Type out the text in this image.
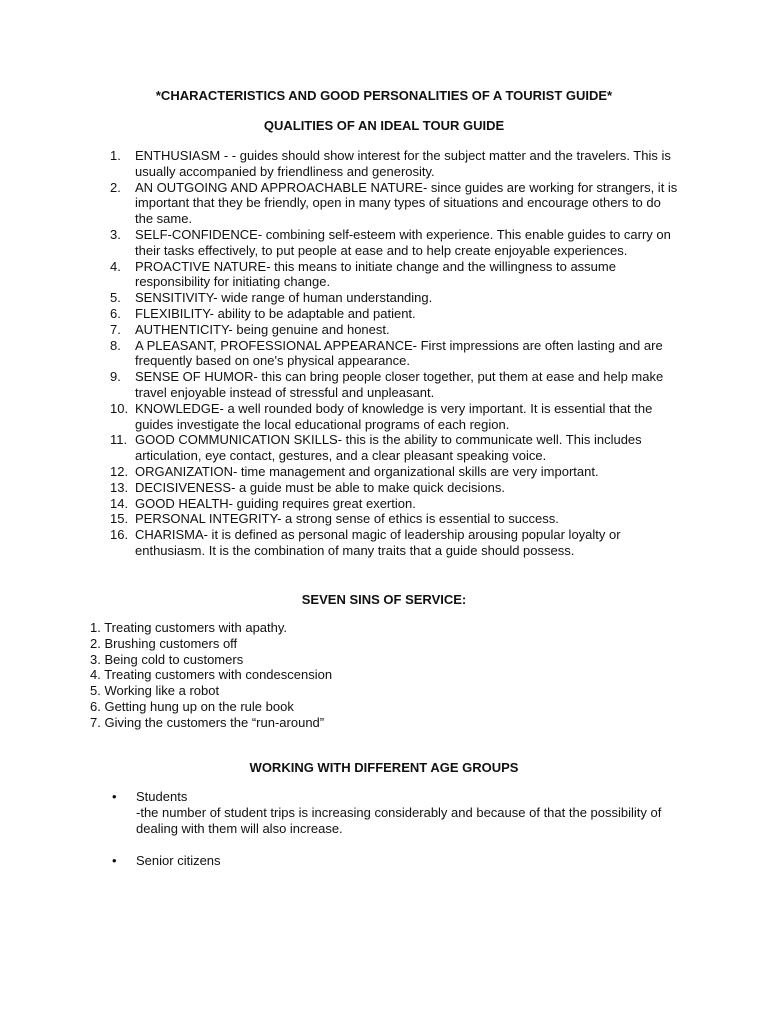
*CHARACTERISTICS AND GOOD PERSONALITIES OF A TOURIST GUIDE*
QUALITIES OF AN IDEAL TOUR GUIDE
1.	ENTHUSIASM - - guides should show interest for the subject matter and the travelers. This is usually accompanied by friendliness and generosity.
2.	AN OUTGOING AND APPROACHABLE NATURE- since guides are working for strangers, it is important that they be friendly, open in many types of situations and encourage others to do the same.
3.	SELF-CONFIDENCE- combining self-esteem with experience. This enable guides to carry on their tasks effectively, to put people at ease and to help create enjoyable experiences.
4.	PROACTIVE NATURE- this means to initiate change and the willingness to assume responsibility for initiating change.
5.	SENSITIVITY- wide range of human understanding.
6.	FLEXIBILITY- ability to be adaptable and patient.
7.	AUTHENTICITY- being genuine and honest.
8.	A PLEASANT, PROFESSIONAL APPEARANCE- First impressions are often lasting and are frequently based on one's physical appearance.
9.	SENSE OF HUMOR- this can bring people closer together, put them at ease and help make travel enjoyable instead of stressful and unpleasant.
10. KNOWLEDGE- a well rounded body of knowledge is very important. It is essential that the guides investigate the local educational programs of each region.
11. GOOD COMMUNICATION SKILLS- this is the ability to communicate well. This includes articulation, eye contact, gestures, and a clear pleasant speaking voice.
12. ORGANIZATION- time management and organizational skills are very important.
13. DECISIVENESS- a guide must be able to make quick decisions.
14. GOOD HEALTH- guiding requires great exertion.
15. PERSONAL INTEGRITY- a strong sense of ethics is essential to success.
16. CHARISMA- it is defined as personal magic of leadership arousing popular loyalty or enthusiasm. It is the combination of many traits that a guide should possess.
SEVEN SINS OF SERVICE:
1. Treating customers with apathy.
2. Brushing customers off
3. Being cold to customers
4. Treating customers with condescension
5. Working like a robot
6. Getting hung up on the rule book
7. Giving the customers the “run-around”
WORKING WITH DIFFERENT AGE GROUPS
•	Students
-the number of student trips is increasing considerably and because of that the possibility of dealing with them will also increase.
•	Senior citizens
